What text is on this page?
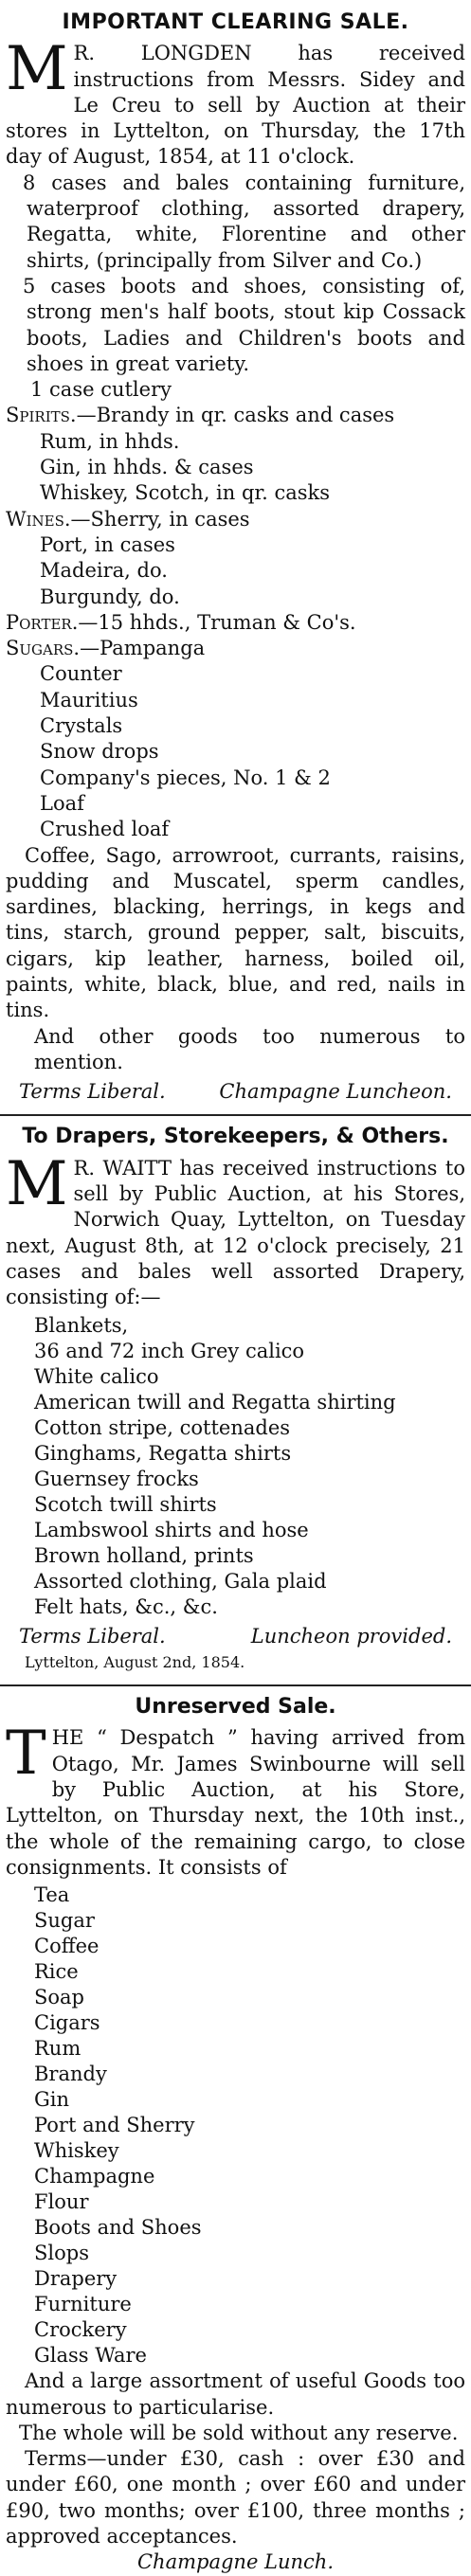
IMPORTANT CLEARING SALE.

M R. LONGDEN has received instructions from Messrs. Sidey and Le Creu to sell by Auction at their stores in Lyttelton, on Thursday, the 17th day of August, 1854, at 11 o'clock.

8 cases and bales containing furniture, waterproof clothing, assorted drapery, Regatta, white, Florentine and other shirts, (principally from Silver and Co.)

5 cases boots and shoes, consisting of, strong men's half boots, stout kip Cossack boots, Ladies and Children's boots and shoes in great variety.

1 case cutlery

Spirits.—Brandy in qr. casks and cases
Rum, in hhds.
Gin, in hhds. & cases
Whiskey, Scotch, in qr. casks
Wines.—Sherry, in cases
Port, in cases
Madeira, do.
Burgundy, do.
Porter.—15 hhds., Truman & Co's.
Sugars.—Pampanga
Counter
Mauritius
Crystals
Snow drops
Company's pieces, No. 1 & 2
Loaf
Crushed loaf

Coffee, Sago, arrowroot, currants, raisins, pudding and Muscatel, sperm candles, sardines, blacking, herrings, in kegs and tins, starch, ground pepper, salt, biscuits, cigars, kip leather, harness, boiled oil, paints, white, black, blue, and red, nails in tins.

And other goods too numerous to mention.

Terms Liberal.	Champagne Luncheon.
To Drapers, Storekeepers, & Others.

M R. WAITT has received instructions to sell by Public Auction, at his Stores, Norwich Quay, Lyttelton, on Tuesday next, August 8th, at 12 o'clock precisely, 21 cases and bales well assorted Drapery, consisting of:—

Blankets,
36 and 72 inch Grey calico
White calico
American twill and Regatta shirting
Cotton stripe, cottenades
Ginghams, Regatta shirts
Guernsey frocks
Scotch twill shirts
Lambswool shirts and hose
Brown holland, prints
Assorted clothing, Gala plaid
Felt hats, &c., &c.
Terms Liberal.	Luncheon provided.
Lyttelton, August 2nd, 1854.
Unreserved Sale.

THE “ Despatch ” having arrived from Otago, Mr. James Swinbourne will sell by Public Auction, at his Store, Lyttelton, on Thursday next, the 10th inst., the whole of the remaining cargo, to close consignments. It consists of

Tea
Sugar
Coffee
Rice
Soap
Cigars
Rum
Brandy
Gin
Port and Sherry
Whiskey
Champagne
Flour
Boots and Shoes
Slops
Drapery
Furniture
Crockery
Glass Ware

And a large assortment of useful Goods too numerous to particularise.

The whole will be sold without any reserve.

Terms—under £30, cash : over £30 and under £60, one month ; over £60 and under £90, two months; over £100, three months ; approved acceptances.

Champagne Lunch.
